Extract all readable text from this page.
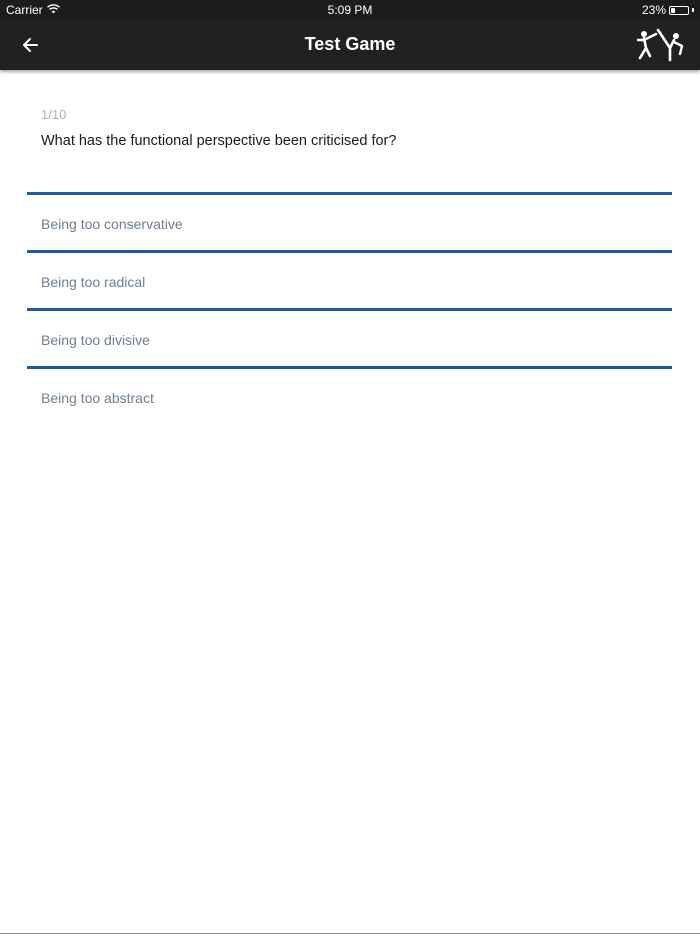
Carrier	5:09 PM	23%
Test Game
1/10
What has the functional perspective been criticised for?
Being too conservative
Being too radical
Being too divisive
Being too abstract
